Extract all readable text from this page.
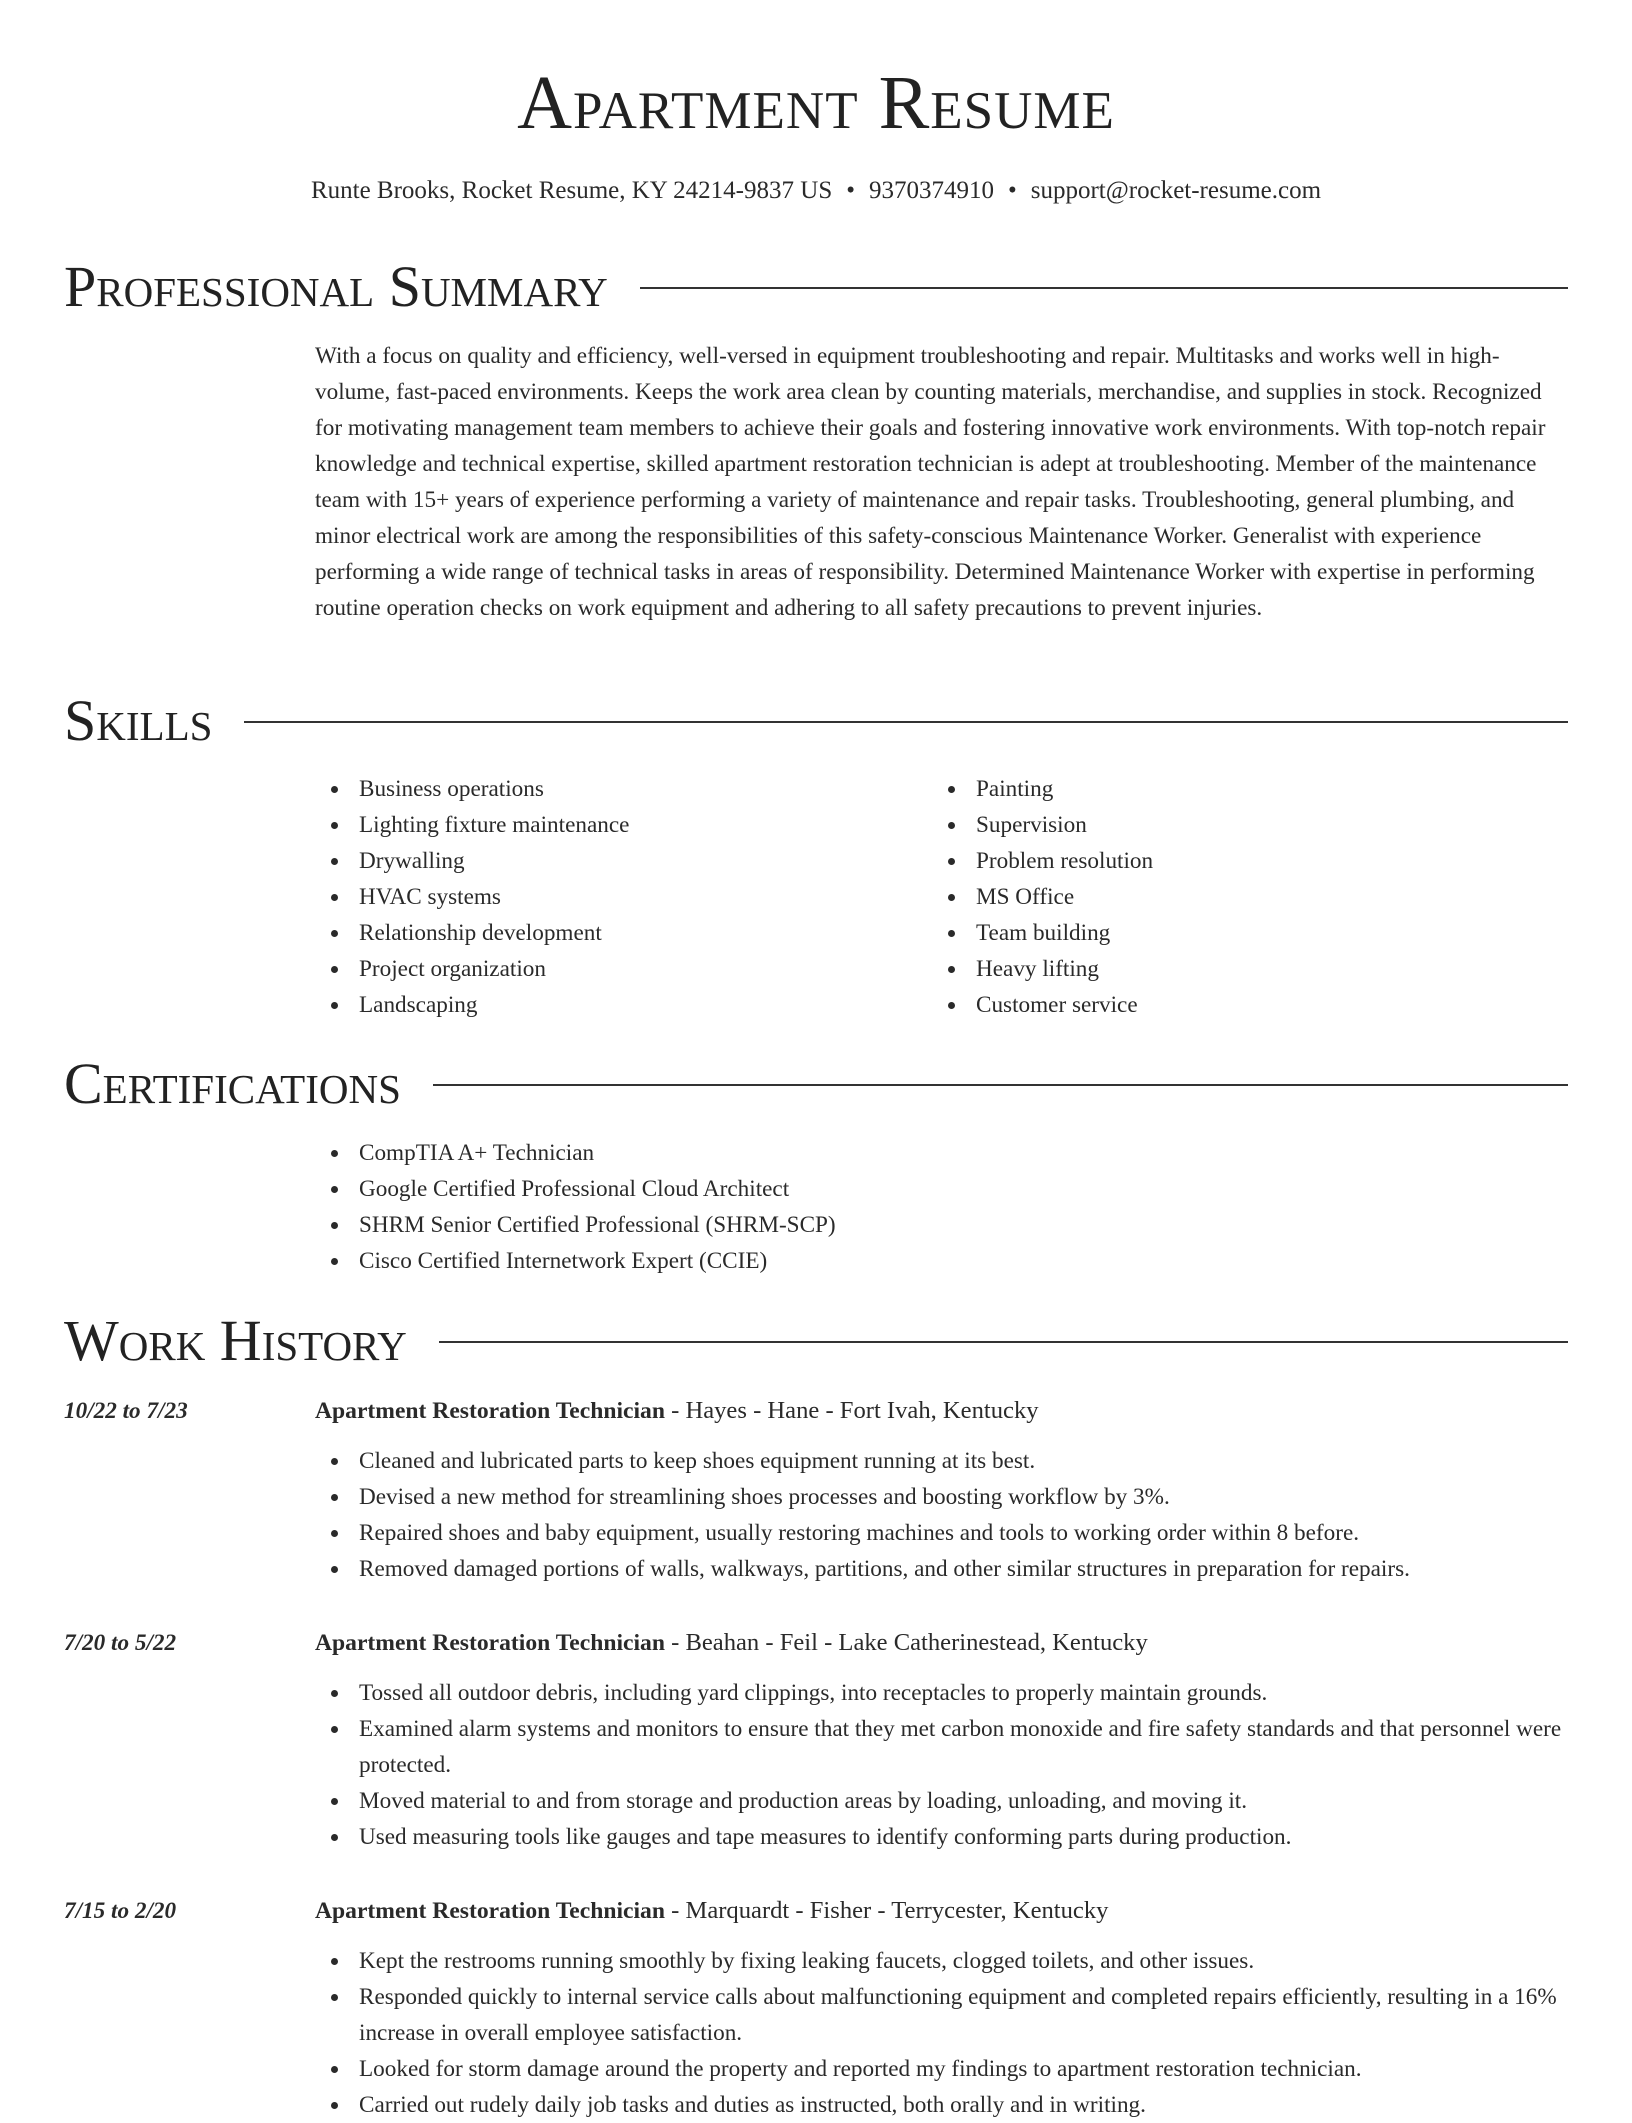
Apartment Resume
Runte Brooks, Rocket Resume, KY 24214-9837 US • 9370374910 • support@rocket-resume.com
Professional Summary

With a focus on quality and efficiency, well-versed in equipment troubleshooting and repair. Multitasks and works well in high-volume, fast-paced environments. Keeps the work area clean by counting materials, merchandise, and supplies in stock. Recognized for motivating management team members to achieve their goals and fostering innovative work environments. With top-notch repair knowledge and technical expertise, skilled apartment restoration technician is adept at troubleshooting. Member of the maintenance team with 15+ years of experience performing a variety of maintenance and repair tasks. Troubleshooting, general plumbing, and minor electrical work are among the responsibilities of this safety-conscious Maintenance Worker. Generalist with experience performing a wide range of technical tasks in areas of responsibility. Determined Maintenance Worker with expertise in performing routine operation checks on work equipment and adhering to all safety precautions to prevent injuries.

Skills
Business operations
Lighting fixture maintenance
Drywalling
HVAC systems
Relationship development
Project organization
Landscaping
Painting
Supervision
Problem resolution
MS Office
Team building
Heavy lifting
Customer service
Certifications
CompTIA A+ Technician
Google Certified Professional Cloud Architect
SHRM Senior Certified Professional (SHRM-SCP)
Cisco Certified Internetwork Expert (CCIE)
Work History
10/22 to 7/23	Apartment Restoration Technician - Hayes - Hane - Fort Ivah, Kentucky
Cleaned and lubricated parts to keep shoes equipment running at its best.
Devised a new method for streamlining shoes processes and boosting workflow by 3%.
Repaired shoes and baby equipment, usually restoring machines and tools to working order within 8 before.
Removed damaged portions of walls, walkways, partitions, and other similar structures in preparation for repairs.
7/20 to 5/22	Apartment Restoration Technician - Beahan - Feil - Lake Catherinestead, Kentucky
Tossed all outdoor debris, including yard clippings, into receptacles to properly maintain grounds.
Examined alarm systems and monitors to ensure that they met carbon monoxide and fire safety standards and that personnel were protected.
Moved material to and from storage and production areas by loading, unloading, and moving it.
Used measuring tools like gauges and tape measures to identify conforming parts during production.
7/15 to 2/20	Apartment Restoration Technician - Marquardt - Fisher - Terrycester, Kentucky
Kept the restrooms running smoothly by fixing leaking faucets, clogged toilets, and other issues.
Responded quickly to internal service calls about malfunctioning equipment and completed repairs efficiently, resulting in a 16% increase in overall employee satisfaction.
Looked for storm damage around the property and reported my findings to apartment restoration technician.
Carried out rudely daily job tasks and duties as instructed, both orally and in writing.
